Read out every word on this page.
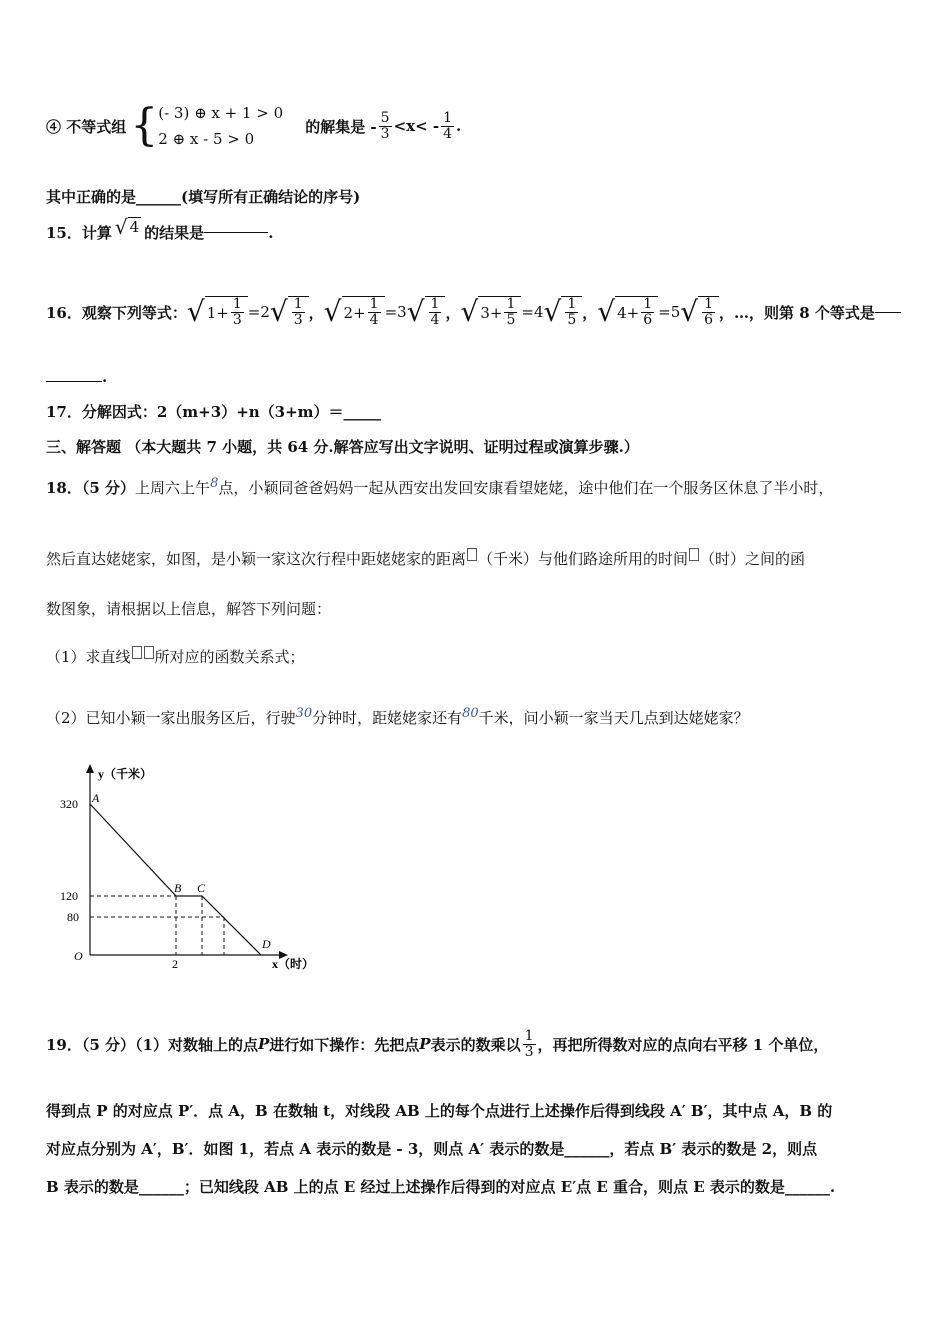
④ 不等式组 { (- 3) ⊕ x + 1 > 0
2 ⊕ x - 5 > 0
的解集是 - $\frac{5}{3} <x< - \frac{1}{4}$ .
其中正确的是______(填写所有正确结论的序号)
15．计算 √ 4 的结果是	.
16．观察下列等式： √ $1 + \frac{1}{3} = 2$ √ $\frac{1}{3}$ ， √ $2 + \frac{1}{4} = 3$ √ $\frac{1}{4}$ ， √ $3 + \frac{1}{5} = 4$ √ $\frac{1}{5}$ ， √ $4 + \frac{1}{6} = 5$ √ $\frac{1}{6}$ ，…，则第 8 个等式是
.
17．分解因式：2（m+3）+n（3+m）＝_____
三、解答题 （本大题共 7 小题，共 64 分.解答应写出文字说明、证明过程或演算步骤.）
18．（5 分）上周六上午8点，小颖同爸爸妈妈一起从西安出发回安康看望姥姥，途中他们在一个服务区休息了半小时，
然后直达姥姥家，如图，是小颖一家这次行程中距姥姥家的距离 （千米）与他们路途所用的时间 （时）之间的函
数图象，请根据以上信息，解答下列问题：
（1）求直线 所对应的函数关系式；
（2）已知小颖一家出服务区后，行驶30分钟时，距姥姥家还有80千米，问小颖一家当天几点到达姥姥家？
y（千米）
x（时）
O
320
120
80
2
A
B C
D
19．（5 分）（1）对数轴上的点 P 进行如下操作：先把点 P 表示的数乘以 $\frac{1}{3}$ ，再把所得数对应的点向右平移 1 个单位，
得到点 P 的对应点 P′．点 A，B 在数轴 t，对线段 AB 上的每个点进行上述操作后得到线段 A′ B′，其中点 A，B 的
对应点分别为 A′，B′．如图 1，若点 A 表示的数是 - 3，则点 A′ 表示的数是______，若点 B′ 表示的数是 2，则点
B 表示的数是______；已知线段 AB 上的点 E 经过上述操作后得到的对应点 E′点 E 重合，则点 E 表示的数是______.
